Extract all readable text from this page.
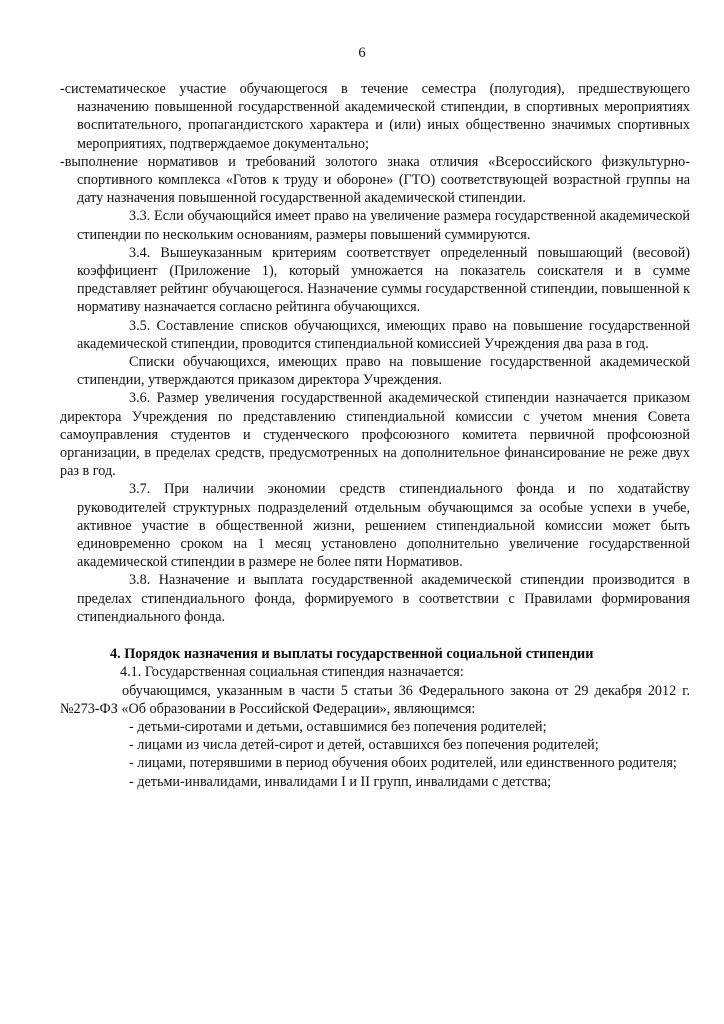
6

-систематическое участие обучающегося в течение семестра (полугодия), предшествующего назначению повышенной государственной академической стипендии, в спортивных мероприятиях воспитательного, пропагандистского характера и (или) иных общественно значимых спортивных мероприятиях, подтверждаемое документально;

-выполнение нормативов и требований золотого знака отличия «Всероссийского физкультурно-спортивного комплекса «Готов к труду и обороне» (ГТО) соответствующей возрастной группы на дату назначения повышенной государственной академической стипендии.

3.3. Если обучающийся имеет право на увеличение размера государственной академической стипендии по нескольким основаниям, размеры повышений суммируются.

3.4. Вышеуказанным критериям соответствует определенный повышающий (весовой) коэффициент (Приложение 1), который умножается на показатель соискателя и в сумме представляет рейтинг обучающегося. Назначение суммы государственной стипендии, повышенной к нормативу назначается согласно рейтинга обучающихся.

3.5. Составление списков обучающихся, имеющих право на повышение государственной академической стипендии, проводится стипендиальной комиссией Учреждения два раза в год.

Списки обучающихся, имеющих право на повышение государственной академической стипендии, утверждаются приказом директора Учреждения.

3.6. Размер увеличения государственной академической стипендии назначается приказом директора Учреждения по представлению стипендиальной комиссии с учетом мнения Совета самоуправления студентов и студенческого профсоюзного комитета первичной профсоюзной организации, в пределах средств, предусмотренных на дополнительное финансирование не реже двух раз в год.

3.7. При наличии экономии средств стипендиального фонда и по ходатайству руководителей структурных подразделений отдельным обучающимся за особые успехи в учебе, активное участие в общественной жизни, решением стипендиальной комиссии может быть единовременно сроком на 1 месяц установлено дополнительно увеличение государственной академической стипендии в размере не более пяти Нормативов.

3.8. Назначение и выплата государственной академической стипендии производится в пределах стипендиального фонда, формируемого в соответствии с Правилами формирования стипендиального фонда.

4. Порядок назначения и выплаты государственной социальной стипендии

4.1. Государственная социальная стипендия назначается:

обучающимся, указанным в части 5 статьи 36 Федерального закона от 29 декабря 2012 г. №273-ФЗ «Об образовании в Российской Федерации», являющимся:

- детьми-сиротами и детьми, оставшимися без попечения родителей;

- лицами из числа детей-сирот и детей, оставшихся без попечения родителей;

- лицами, потерявшими в период обучения обоих родителей, или единственного родителя;

- детьми-инвалидами, инвалидами I и II групп, инвалидами с детства;
